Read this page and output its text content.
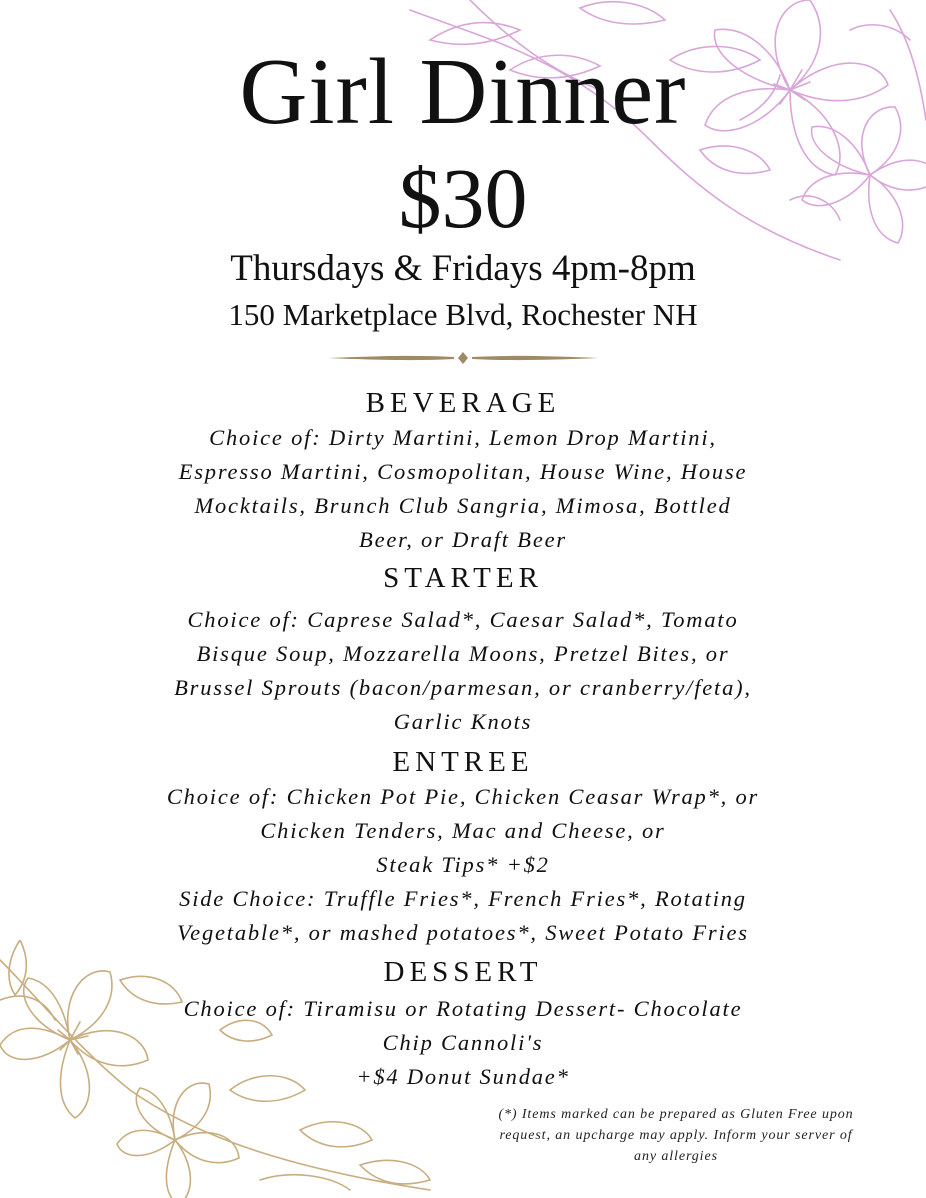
Girl Dinner
$30
Thursdays & Fridays 4pm-8pm
150 Marketplace Blvd, Rochester NH
BEVERAGE
Choice of: Dirty Martini, Lemon Drop Martini,
Espresso Martini, Cosmopolitan, House Wine, House
Mocktails, Brunch Club Sangria, Mimosa, Bottled
Beer, or Draft Beer
STARTER
Choice of: Caprese Salad*, Caesar Salad*, Tomato
Bisque Soup, Mozzarella Moons, Pretzel Bites, or
Brussel Sprouts (bacon/parmesan, or cranberry/feta),
Garlic Knots
ENTREE
Choice of: Chicken Pot Pie, Chicken Ceasar Wrap*, or
Chicken Tenders, Mac and Cheese, or
Steak Tips* +$2
Side Choice: Truffle Fries*, French Fries*, Rotating
Vegetable*, or mashed potatoes*, Sweet Potato Fries
DESSERT
Choice of: Tiramisu or Rotating Dessert- Chocolate
Chip Cannoli's
+$4 Donut Sundae*
(*) Items marked can be prepared as Gluten Free upon
request, an upcharge may apply. Inform your server of
any allergies
